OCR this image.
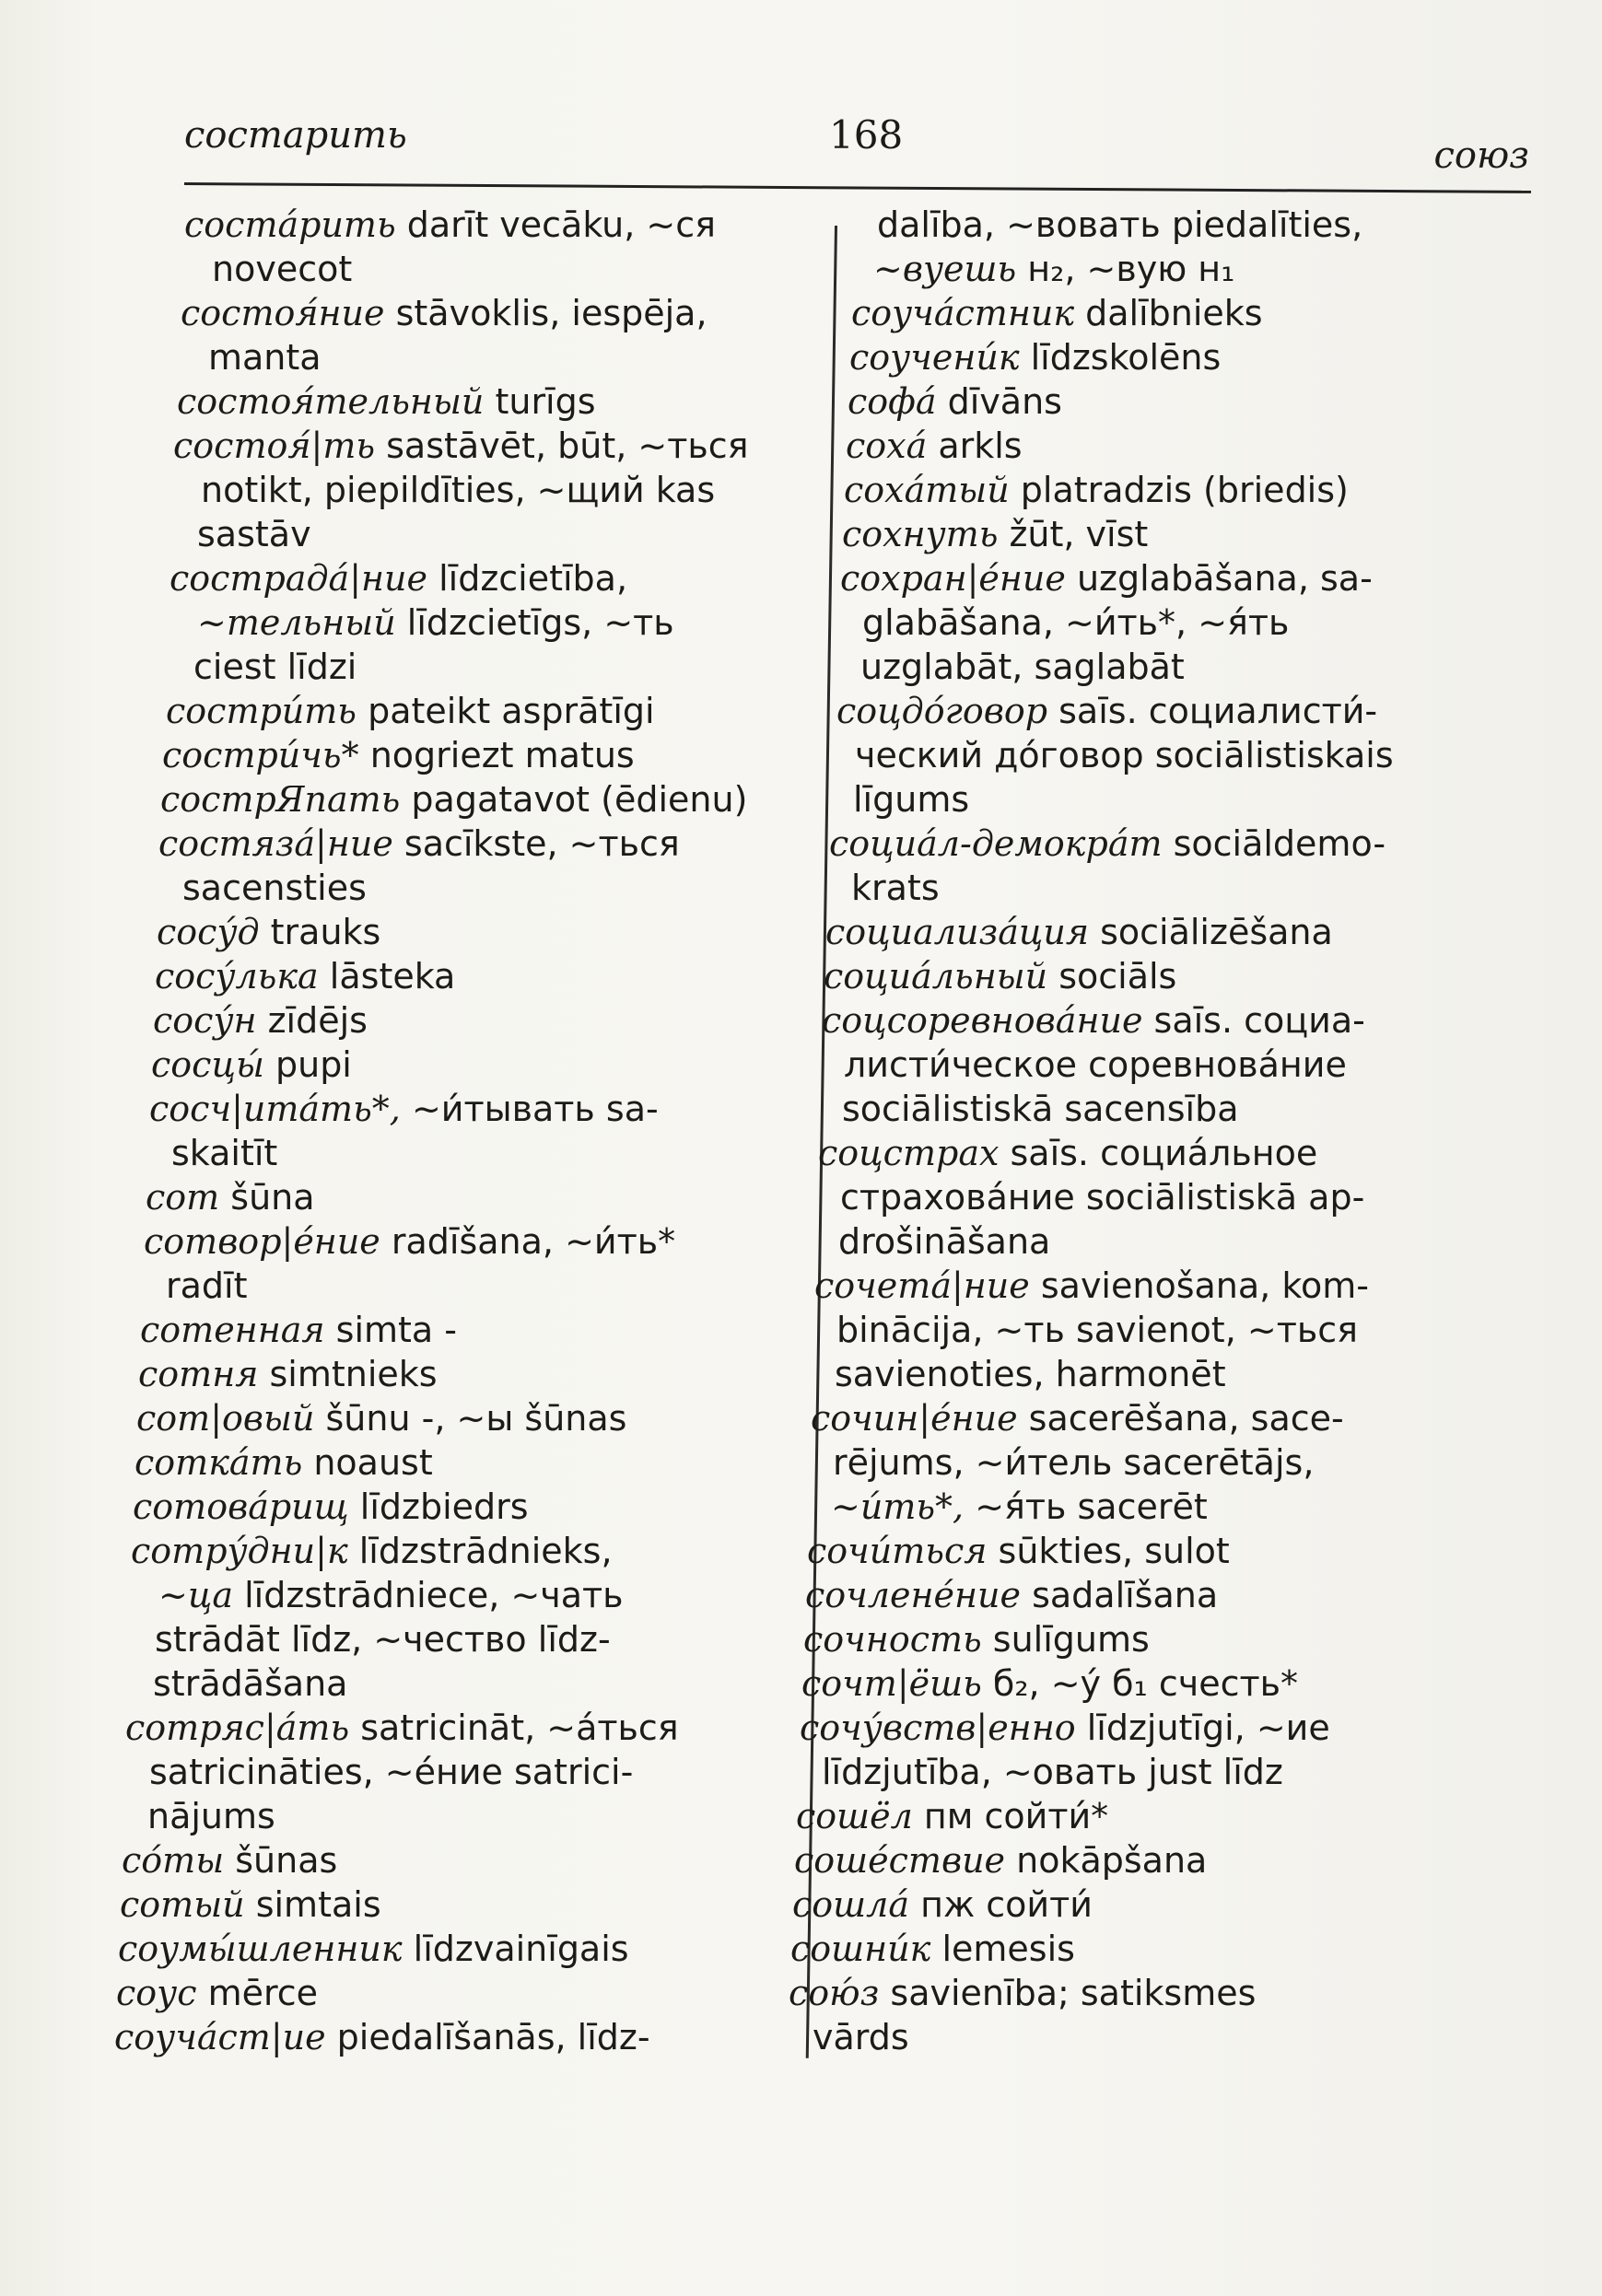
состарить	168	союз
состáрить darīt vecāku, ~ся
novecot
состоя́ние stāvoklis, iespēja,
manta
состоя́тельный turīgs
состоя́|ть sastāvēt, būt, ~ться
notikt, piepildīties, ~щий kas
sastāv
сострадá|ние līdzcietība,
~тельный līdzcietīgs, ~ть
ciest līdzi
сострúть pateikt asprātīgi
сострúчь* nogriezt matus
сострЯпать pagatavot (ēdienu)
состязá|ние sacīkste, ~ться
sacensties
сосу́д trauks
сосу́лька lāsteka
сосу́н zīdējs
сосцы́ pupi
сосч|итáть*, ~и́тывать sa-
skaitīt
сот šūna
сотвор|éние radīšana, ~и́ть*
radīt
сотенная simta -
сотня simtnieks
сот|овый šūnu -, ~ы šūnas
соткáть noaust
сотовáрищ līdzbiedrs
сотру́дни|к līdzstrādnieks,
~ца līdzstrādniece, ~чать
strādāt līdz, ~чество līdz-
strādāšana
сотряс|áть satricināt, ~áться
satricināties, ~éние satrici-
nājums
со́ты šūnas
сотый simtais
соумы́шленник līdzvainīgais
соус mērce
соучáст|ие piedalīšanās, līdz-
dalība, ~вовать piedalīties,
~вуешь н₂, ~вую н₁
соучáстник dalībnieks
соучени́к līdzskolēns
софá dīvāns
сохá arkls
сохáтый platradzis (briedis)
сохнуть žūt, vīst
сохран|éние uzglabāšana, sa-
glabāšana, ~и́ть*, ~я́ть
uzglabāt, saglabāt
соцдо́говор saīs. социалисти́-
ческий до́говор sociālistiskais
līgums
социáл-демокрáт sociāldemo-
krats
социализáция sociālizēšana
социáльный sociāls
соцсоревновáние saīs. социа-
листи́ческое соревновáние
sociālistiskā sacensība
соцстрах saīs. социáльное
страховáние sociālistiskā ap-
drošināšana
сочетá|ние savienošana, kom-
binācija, ~ть savienot, ~ться
savienoties, harmonēt
сочин|éние sacerēšana, sace-
rējums, ~и́тель sacerētājs,
~и́ть*, ~я́ть sacerēt
сочи́ться sūkties, sulot
сочленéние sadalīšana
сочность sulīgums
сочт|ёшь б₂, ~у́ б₁ счесть*
сочу́вств|енно līdzjutīgi, ~ие
līdzjutība, ~овать just līdz
сошёл пм сойти́*
сошéствие nokāpšana
сошлá пж сойти́
сошни́к lemesis
сою́з savienība; satiksmes
vārds
